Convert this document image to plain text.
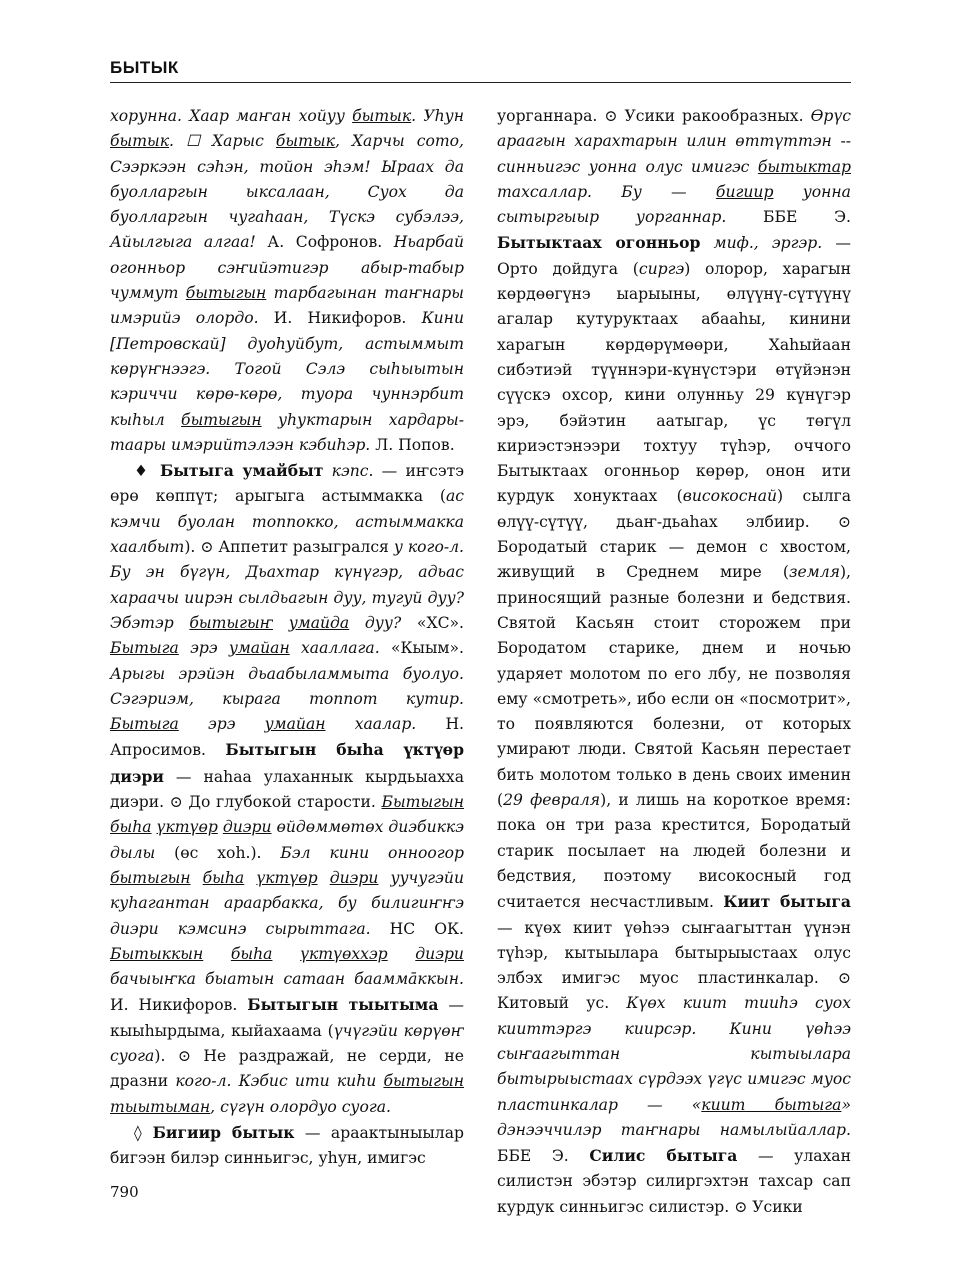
БЫТЫК

хорунна. Хаар маҥан хойуу бытык. Уһун бытык. ☐ Харыс бытык, Харчы сото, Сээркээн сэһэн, тойон эһэм! Ыраах да буолларгын ыксалаан, Суох да буолларгын чугаһаан, Түскэ субэлээ, Айылгыга алгаа! А. Софронов. Ньарбай огонньор сэҥийэтигэр абыр-табыр чуммут бытыгын тарбагынан таҥнары имэрийэ олордо. И. Никифоров. Кини [Петровскай] дуоһуйбут, астыммыт көрүҥнээгэ. Тогой Сэлэ сыһыытын кэриччи көрө-көрө, туора чуннэрбит кыһыл бытыгын уһуктарын хардары-таары имэрийтэлээн кэбиһэр. Л. Попов.

♦ Бытыга умайбыт кэпс. — иҥсэтэ өрө көппүт; арыгыга астыммакка (ас кэмчи буолан топпокко, астыммакка хаалбыт). ⊙ Аппетит разыгрался у кого-л. Бу эн бүгүн, Дьахтар күнүгэр, адьас хараачы иирэн сылдьагын дуу, тугуй дуу? Эбэтэр бытыгыҥ умайда дуу? «ХС». Бытыга эрэ умайан хааллага. «Кыым». Арыгы эрэйэн дьаабыламмыта буолуо. Сэгэриэм, кырага топпот кутир. Бытыга эрэ умайан хаалар. Н. Апросимов. Бытыгын быһа үктүөр диэри — наһаа улаханнык кырдьыаххa диэри. ⊙ До глубокой старости. Бытыгын быһа үктүөр диэри өйдөммөтөх диэбиккэ дылы (өс хоһ.). Бэл кини онноогор бытыгын быһа үктүөр диэри уучугэйи куһагантан араарбакка, бу билигиҥҥэ диэри кэмсинэ сырыттага. НС ОК. Бытыккын быһа үктүөххэр диэри бачыыҥка быатын сатаан баамма̄ккын. И. Никифоров. Бытыгын тыытыма — кыыһырдыма, кыйахаама (үчүгэйи көрүөҥ суога). ⊙ Не раздражай, не серди, не дразни кого-л. Кэбис ити киһи бытыгын тыытыман, сүгүн олордуо суога.

◊ Бигиир бытык — араактыныылар бигээн билэр синньигэс, уһун, имигэс

уорганнара. ⊙ Усики ракообразных. Өрүс араагын харахтарын илин өттүттэн -- синньигэс уонна олус имигэс бытыктар тахсаллар. Бу — бигиир уонна сытыргыыр уорганнар. ББЕ Э. Бытыктаах огонньор миф., эргэр. — Орто дойдуга (сиргэ) олорор, харагын көрдөөгүнэ ыарыыны, өлүүнү-сүтүүнү агалар кутуруктаах абааһы, кинини харагын көрдөрүмөөри, Хаһыйаан сибэтиэй түүннэри-күнүстэри өтүйэнэн сүүскэ охсор, кини олунньу 29 күнүгэр эрэ, бэйэтин аатыгар, үс төгүл кириэстэнээри тохтуу түһэр, оччого Бытыктаах огонньор көрөр, онон ити курдук хонуктаах (високоснай) сылга өлүү-сүтүү, дьаҥ-дьаһах элбиир. ⊙ Бородатый старик — демон с хвостом, живущий в Среднем мире (земля), приносящий разные болезни и бедствия. Святой Касьян стоит сторожем при Бородатом старике, днем и ночью ударяет молотом по его лбу, не позволяя ему «смотреть», ибо если он «посмотрит», то появляются болезни, от которых умирают люди. Святой Касьян перестает бить молотом только в день своих именин (29 февраля), и лишь на короткое время: пока он три раза крестится, Бородатый старик посылает на людей болезни и бедствия, поэтому високосный год считается несчастливым. Киит бытыга — күөх киит үөһээ сыҥаагыттан үүнэн түһэр, кытыылара бытырыыстаах олус элбэх имигэс муос пластинкалар. ⊙ Китовый ус. Күөх киит тииһэ суох кииттэргэ киирсэр. Кини үөһээ сыҥаагыттан кытыылара бытырыыстаах сүрдээх үгүс имигэс муос пластинкалар — «киит бытыга» дэнээччилэр таҥнары намылыйаллар. ББЕ Э. Силис бытыга — улахан силистэн эбэтэр силиргэхтэн тахсар сап курдук синньигэс силистэр. ⊙ Усики

790
